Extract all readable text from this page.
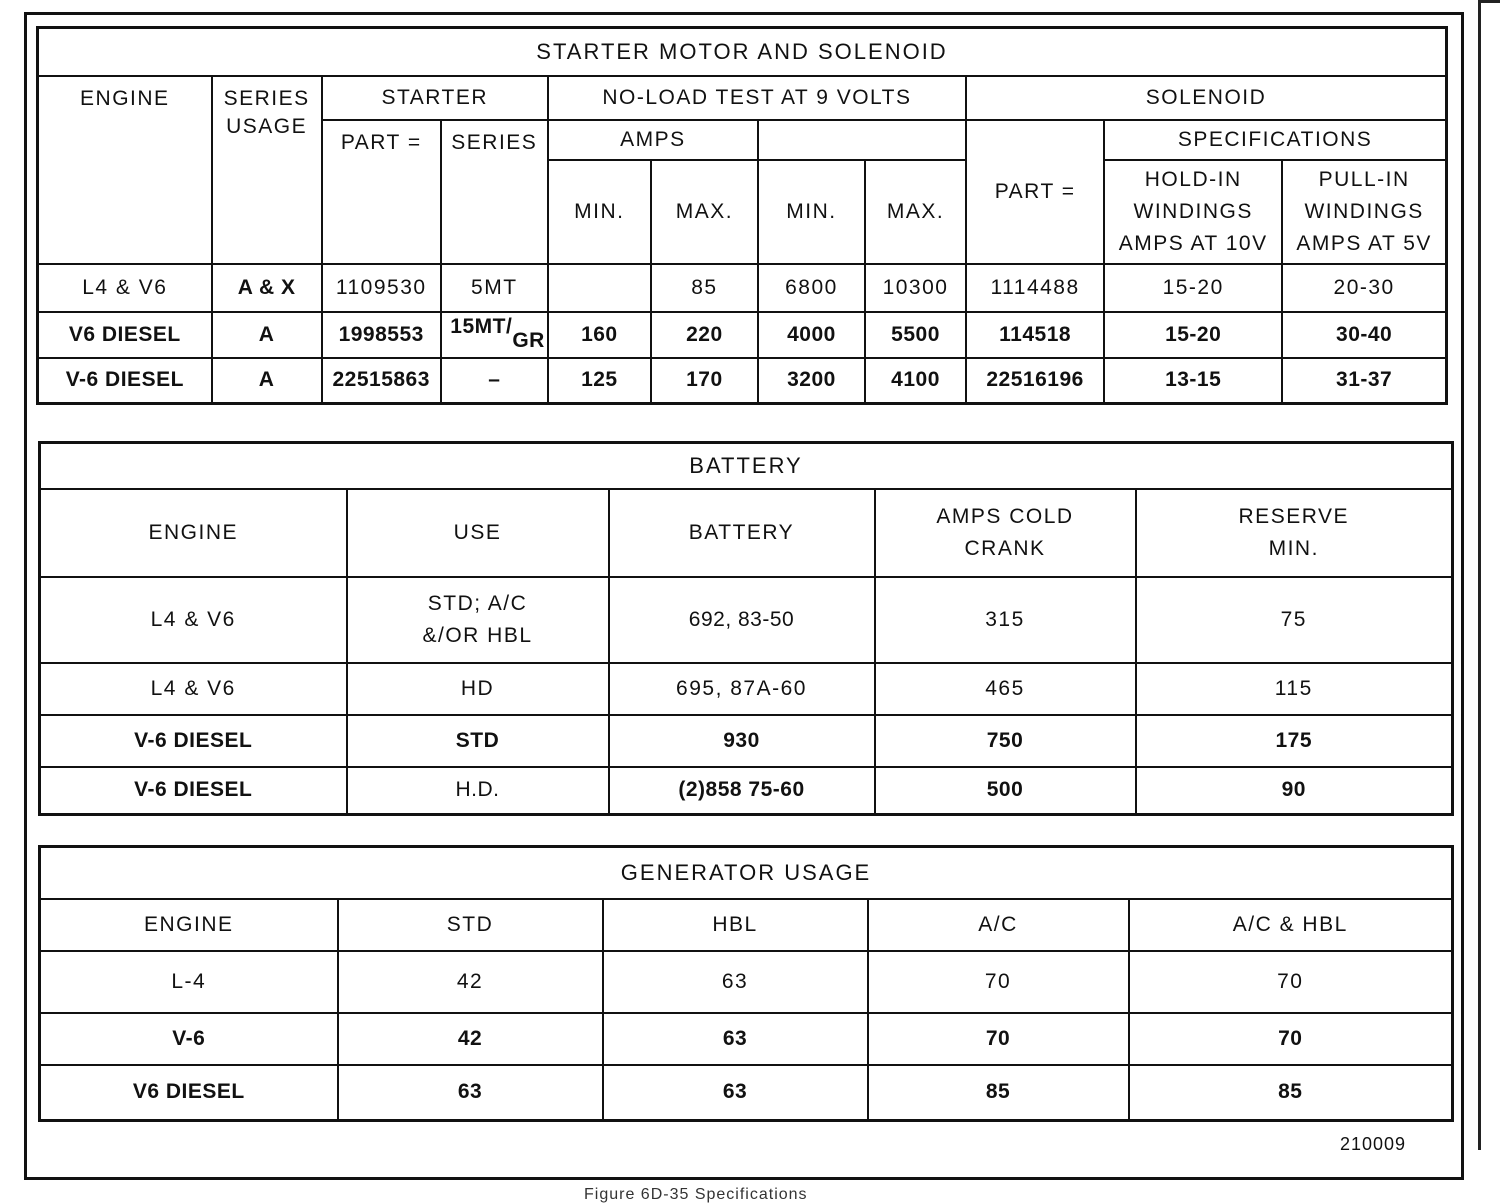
STARTER MOTOR AND SOLENOID										
ENGINE	SERIES USAGE	STARTER		NO-LOAD TEST AT 9 VOLTS				SOLENOID		
		PART =	SERIES	AMPS				PART =	SPECIFICATIONS	
				MIN.	MAX.	MIN.	MAX.		HOLD-IN WINDINGS AMPS AT 10V	PULL-IN WINDINGS AMPS AT 5V
L4 & V6	A & X	1109530	5MT		85	6800	10300	1114488	15-20	20-30
V6 DIESEL	A	1998553	15MT/GR	160	220	4000	5500	114518	15-20	30-40
V-6 DIESEL	A	22515863	–	125	170	3200	4100	22516196	13-15	31-37
BATTERY				
ENGINE	USE	BATTERY	AMPS COLD CRANK	RESERVE MIN.
L4 & V6	STD; A/C &/OR HBL	692, 83-50	315	75
L4 & V6	HD	695, 87A-60	465	115
V-6 DIESEL	STD	930	750	175
V-6 DIESEL	H.D.	(2)858 75-60	500	90
GENERATOR USAGE				
ENGINE	STD	HBL	A/C	A/C & HBL
L-4	42	63	70	70
V-6	42	63	70	70
V6 DIESEL	63	63	85	85
210009
Figure 6D-35 Specifications
